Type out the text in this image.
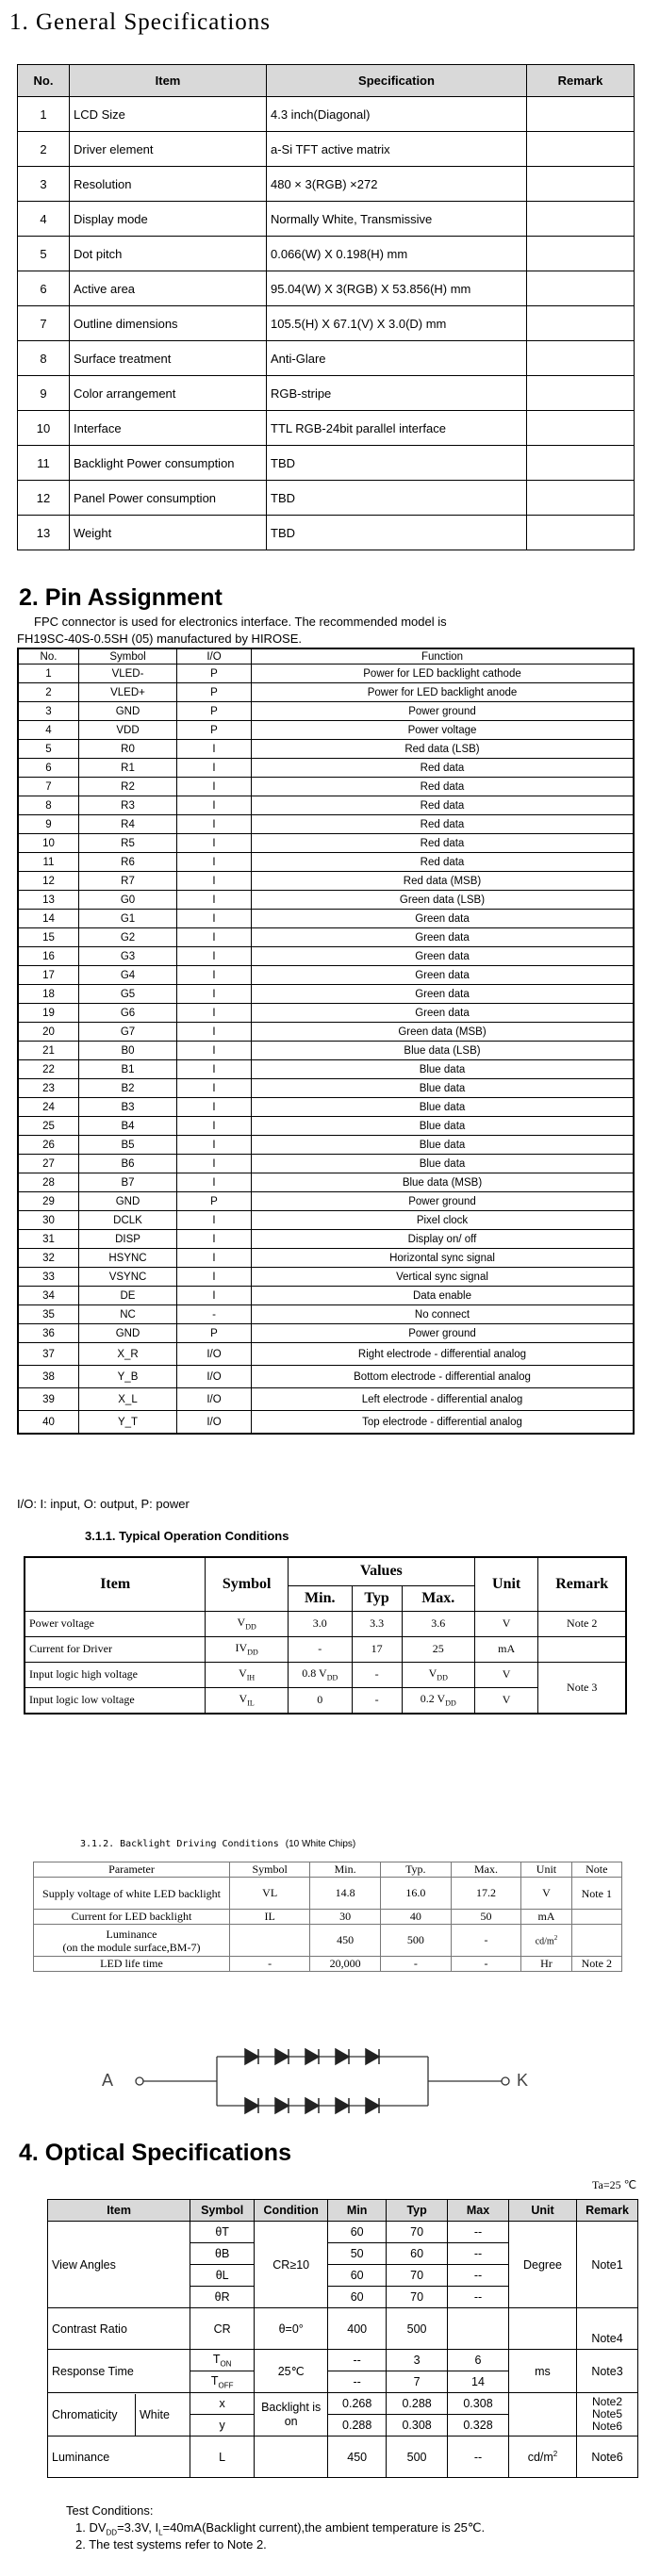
1. General Specifications
No.	Item	Specification	Remark
1	LCD Size	4.3 inch(Diagonal)	
2	Driver element	a-Si TFT active matrix	
3	Resolution	480 × 3(RGB) ×272	
4	Display mode	Normally White, Transmissive	
5	Dot pitch	0.066(W) X 0.198(H) mm	
6	Active area	95.04(W) X 3(RGB) X 53.856(H) mm	
7	Outline dimensions	105.5(H) X 67.1(V) X 3.0(D) mm	
8	Surface treatment	Anti-Glare	
9	Color arrangement	RGB-stripe	
10	Interface	TTL RGB-24bit parallel interface	
11	Backlight Power consumption	TBD	
12	Panel Power consumption	TBD	
13	Weight	TBD	
2. Pin Assignment
FPC connector is used for electronics interface. The recommended model is
FH19SC-40S-0.5SH (05) manufactured by HIROSE.
No.	Symbol	I/O	Function
1	VLED-	P	Power for LED backlight cathode
2	VLED+	P	Power for LED backlight anode
3	GND	P	Power ground
4	VDD	P	Power voltage
5	R0	I	Red data (LSB)
6	R1	I	Red data
7	R2	I	Red data
8	R3	I	Red data
9	R4	I	Red data
10	R5	I	Red data
11	R6	I	Red data
12	R7	I	Red data (MSB)
13	G0	I	Green data (LSB)
14	G1	I	Green data
15	G2	I	Green data
16	G3	I	Green data
17	G4	I	Green data
18	G5	I	Green data
19	G6	I	Green data
20	G7	I	Green data (MSB)
21	B0	I	Blue data (LSB)
22	B1	I	Blue data
23	B2	I	Blue data
24	B3	I	Blue data
25	B4	I	Blue data
26	B5	I	Blue data
27	B6	I	Blue data
28	B7	I	Blue data (MSB)
29	GND	P	Power ground
30	DCLK	I	Pixel clock
31	DISP	I	Display on/ off
32	HSYNC	I	Horizontal sync signal
33	VSYNC	I	Vertical sync signal
34	DE	I	Data enable
35	NC	-	No connect
36	GND	P	Power ground
37	X_R	I/O	Right electrode - differential analog
38	Y_B	I/O	Bottom electrode - differential analog
39	X_L	I/O	Left electrode - differential analog
40	Y_T	I/O	Top electrode - differential analog
I/O: I: input, O: output, P: power
3.1.1. Typical Operation Conditions
Item	Symbol	Values			Unit	Remark
		Min.	Typ	Max.		
Power voltage	$V_{DD}$	3.0	3.3	3.6	V	Note 2
Current for Driver	$IV_{DD}$	-	17	25	mA	
Input logic high voltage	$V_{IH}$	0.8 $V_{DD}$	-	$V_{DD}$	V	Note 3
Input logic low voltage	$V_{IL}$	0	-	0.2 $V_{DD}$	V	
3.1.2. Backlight Driving Conditions (10 White Chips)
Parameter	Symbol	Min.	Typ.	Max.	Unit	Note
Supply voltage of white LED backlight	VL	14.8	16.0	17.2	V	Note 1
Current for LED backlight	IL	30	40	50	mA	
Luminance
(on the module surface,BM-7)		450	500	-	$cd/m^2$	
LED life time	-	20,000	-	-	Hr	Note 2
A	K
4. Optical Specifications
Ta=25 ℃
Item	Symbol	Condition	Min	Typ	Max	Unit	Remark
View Angles	θT	CR≥10	60	70	--	Degree	Note1
	θB		50	60	--		
	θL		60	70	--		
	θR		60	70	--		
Contrast Ratio	CR	θ=0°	400	500			Note4
Response Time	$T_{ON}$	25℃	--	3	6	ms	Note3
	$T_{OFF}$		--	7	14		

Chromaticity White	x	Backlight is on	0.268	0.288	0.308		Note2 Note5 Note6
	y		0.288	0.308	0.328		
Luminance	L		450	500	--	$cd/m^2$	Note6
Test Conditions:
1. $DV_{DD}=3.3V$, $I_L=40mA(Backlight$ current),the ambient temperature is 25℃.
2. The test systems refer to Note 2.
